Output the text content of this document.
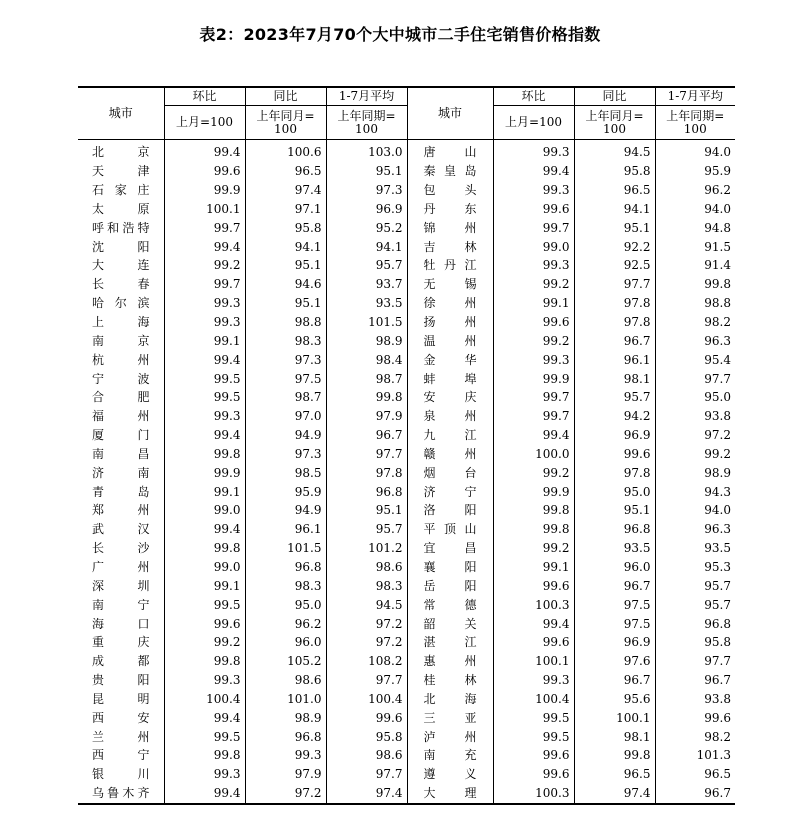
表2：2023年7月70个大中城市二手住宅销售价格指数
城市	环比	同比	1-7月平均	城市	环比	同比	1-7月平均
	上月=100	上年同月=100	上年同期=100		上月=100	上年同月=100	上年同期=100
北京	99.4	100.6	103.0	唐山	99.3	94.5	94.0
天津	99.6	96.5	95.1	秦皇岛	99.4	95.8	95.9
石家庄	99.9	97.4	97.3	包头	99.3	96.5	96.2
太原	100.1	97.1	96.9	丹东	99.6	94.1	94.0
呼和浩特	99.7	95.8	95.2	锦州	99.7	95.1	94.8
沈阳	99.4	94.1	94.1	吉林	99.0	92.2	91.5
大连	99.2	95.1	95.7	牡丹江	99.3	92.5	91.4
长春	99.7	94.6	93.7	无锡	99.2	97.7	99.8
哈尔滨	99.3	95.1	93.5	徐州	99.1	97.8	98.8
上海	99.3	98.8	101.5	扬州	99.6	97.8	98.2
南京	99.1	98.3	98.9	温州	99.2	96.7	96.3
杭州	99.4	97.3	98.4	金华	99.3	96.1	95.4
宁波	99.5	97.5	98.7	蚌埠	99.9	98.1	97.7
合肥	99.5	98.7	99.8	安庆	99.7	95.7	95.0
福州	99.3	97.0	97.9	泉州	99.7	94.2	93.8
厦门	99.4	94.9	96.7	九江	99.4	96.9	97.2
南昌	99.8	97.3	97.7	赣州	100.0	99.6	99.2
济南	99.9	98.5	97.8	烟台	99.2	97.8	98.9
青岛	99.1	95.9	96.8	济宁	99.9	95.0	94.3
郑州	99.0	94.9	95.1	洛阳	99.8	95.1	94.0
武汉	99.4	96.1	95.7	平顶山	99.8	96.8	96.3
长沙	99.8	101.5	101.2	宜昌	99.2	93.5	93.5
广州	99.0	96.8	98.6	襄阳	99.1	96.0	95.3
深圳	99.1	98.3	98.3	岳阳	99.6	96.7	95.7
南宁	99.5	95.0	94.5	常德	100.3	97.5	95.7
海口	99.6	96.2	97.2	韶关	99.4	97.5	96.8
重庆	99.2	96.0	97.2	湛江	99.6	96.9	95.8
成都	99.8	105.2	108.2	惠州	100.1	97.6	97.7
贵阳	99.3	98.6	97.7	桂林	99.3	96.7	96.7
昆明	100.4	101.0	100.4	北海	100.4	95.6	93.8
西安	99.4	98.9	99.6	三亚	99.5	100.1	99.6
兰州	99.5	96.8	95.8	泸州	99.5	98.1	98.2
西宁	99.8	99.3	98.6	南充	99.6	99.8	101.3
银川	99.3	97.9	97.7	遵义	99.6	96.5	96.5
乌鲁木齐	99.4	97.2	97.4	大理	100.3	97.4	96.7
